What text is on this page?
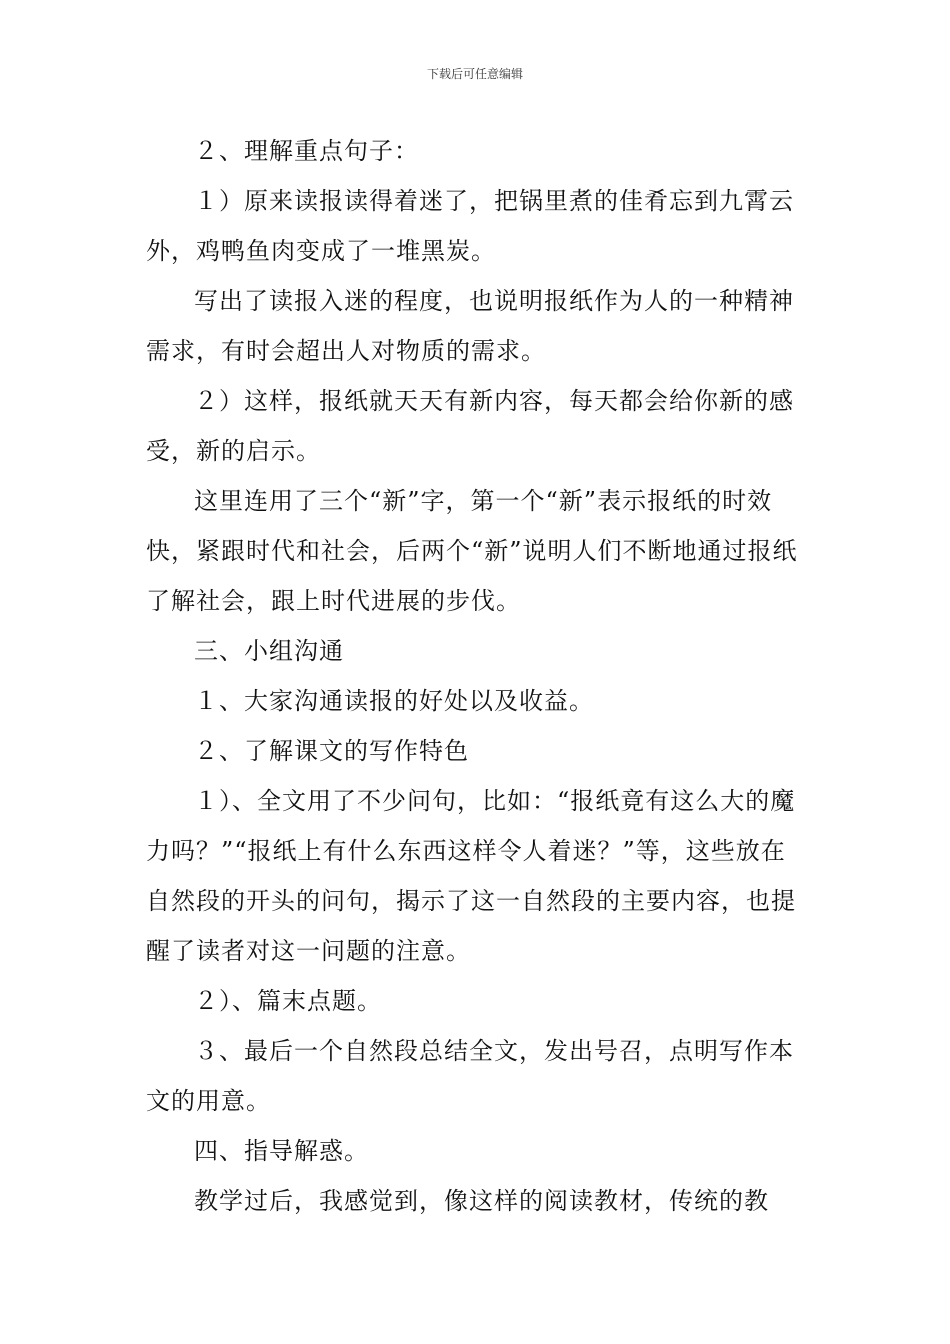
下载后可任意编辑

２、理解重点句子：

１）原来读报读得着迷了，把锅里煮的佳肴忘到九霄云外，鸡鸭鱼肉变成了一堆黑炭。

写出了读报入迷的程度，也说明报纸作为人的一种精神需求，有时会超出人对物质的需求。

２）这样，报纸就天天有新内容，每天都会给你新的感受，新的启示。

这里连用了三个“新”字，第一个“新”表示报纸的时效快，紧跟时代和社会，后两个“新”说明人们不断地通过报纸了解社会，跟上时代进展的步伐。

三、小组沟通

１、大家沟通读报的好处以及收益。

２、了解课文的写作特色

１）、全文用了不少问句，比如：“报纸竟有这么大的魔力吗？”“报纸上有什么东西这样令人着迷？”等，这些放在自然段的开头的问句，揭示了这一自然段的主要内容，也提醒了读者对这一问题的注意。

２）、篇末点题。

３、最后一个自然段总结全文，发出号召，点明写作本文的用意。

四、指导解惑。

教学过后，我感觉到，像这样的阅读教材，传统的教
